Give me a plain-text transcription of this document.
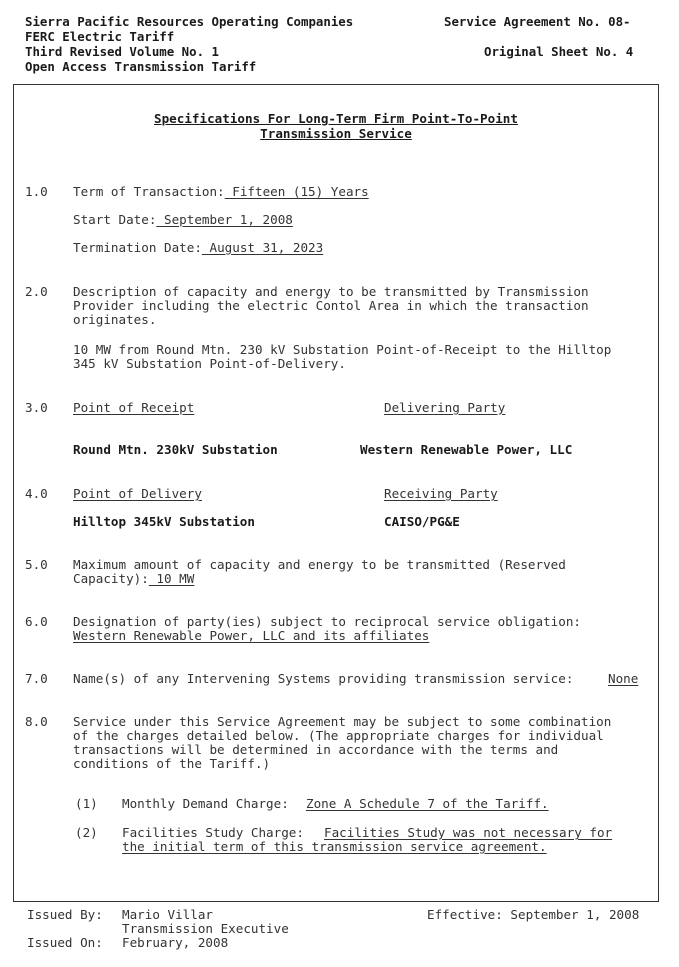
Sierra Pacific Resources Operating Companies
FERC Electric Tariff
Third Revised Volume No. 1
Open Access Transmission Tariff
Service Agreement No. 08-
Original Sheet No. 4
Specifications For Long-Term Firm Point-To-Point
Transmission Service
1.0 Term of Transaction: Fifteen (15) Years
Start Date: September 1, 2008
Termination Date: August 31, 2023
2.0 Description of capacity and energy to be transmitted by Transmission
Provider including the electric Contol Area in which the transaction
originates.
10 MW from Round Mtn. 230 kV Substation Point-of-Receipt to the Hilltop
345 kV Substation Point-of-Delivery.
3.0 Point of Receipt	Delivering Party
Round Mtn. 230kV Substation	Western Renewable Power, LLC
4.0 Point of Delivery	Receiving Party
Hilltop 345kV Substation	CAISO/PG&E
5.0 Maximum amount of capacity and energy to be transmitted (Reserved
Capacity): 10 MW
6.0 Designation of party(ies) subject to reciprocal service obligation:
Western Renewable Power, LLC and its affiliates
7.0 Name(s) of any Intervening Systems providing transmission service:	None
8.0 Service under this Service Agreement may be subject to some combination
of the charges detailed below. (The appropriate charges for individual
transactions will be determined in accordance with the terms and
conditions of the Tariff.)
(1) Monthly Demand Charge: Zone A Schedule 7 of the Tariff.
(2) Facilities Study Charge: Facilities Study was not necessary for
the initial term of this transmission service agreement.
Issued By: Mario Villar
Transmission Executive
Issued On: February, 2008
Effective: September 1, 2008
